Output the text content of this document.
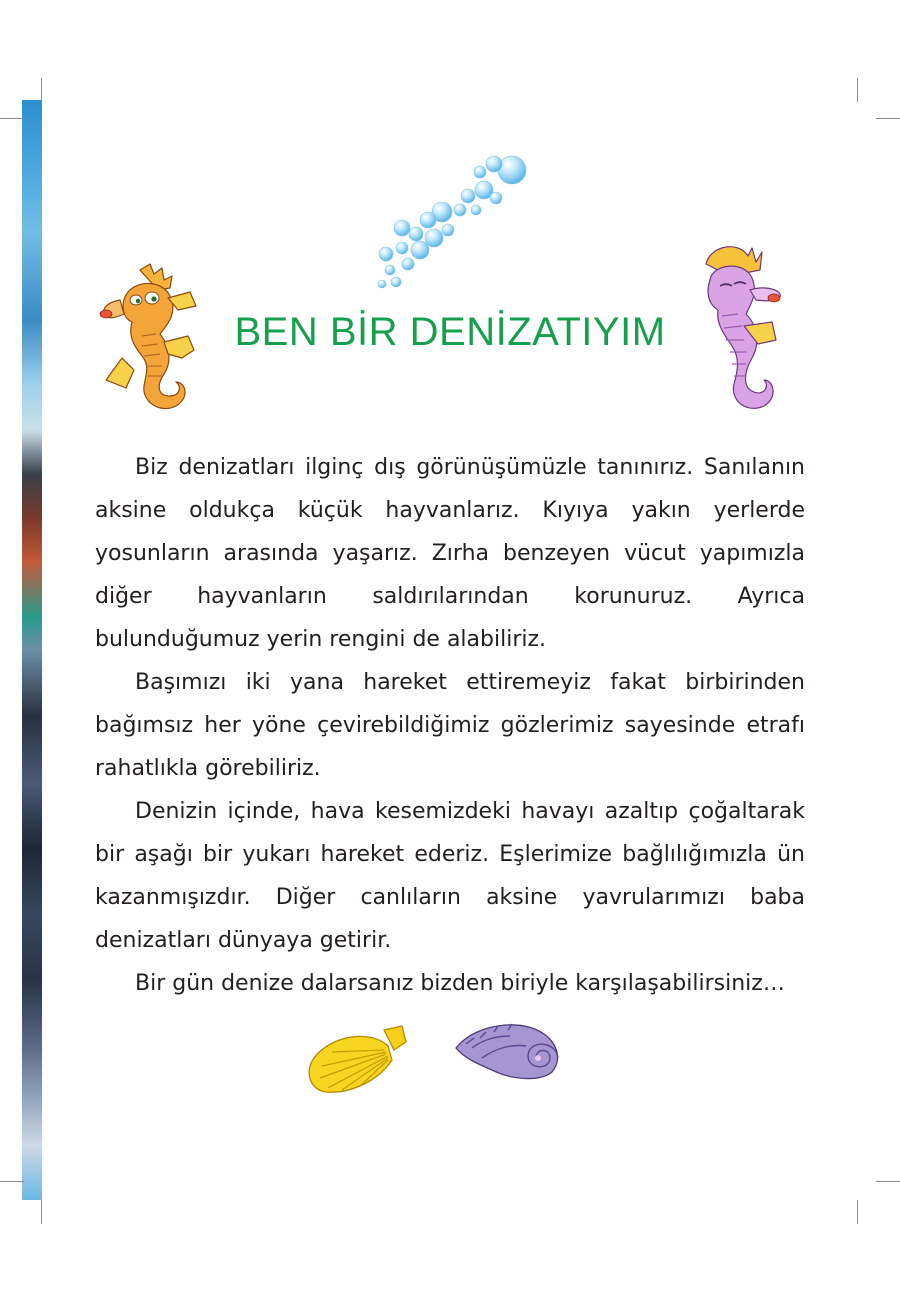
BEN BİR DENİZATIYIM

Biz denizatları ilginç dış görünüşümüzle tanınırız. Sanılanın aksine oldukça küçük hayvanlarız. Kıyıya yakın yerlerde yosunların arasında yaşarız. Zırha benzeyen vücut yapımızla diğer hayvanların saldırılarından korunuruz. Ayrıca bulunduğumuz yerin rengini de alabiliriz.

Başımızı iki yana hareket ettiremeyiz fakat birbirinden bağımsız her yöne çevirebildiğimiz gözlerimiz sayesinde etrafı rahatlıkla görebiliriz.

Denizin içinde, hava kesemizdeki havayı azaltıp çoğaltarak bir aşağı bir yukarı hareket ederiz. Eşlerimize bağlılığımızla ün kazanmışızdır. Diğer canlıların aksine yavrularımızı baba denizatları dünyaya getirir.

Bir gün denize dalarsanız bizden biriyle karşılaşabilirsiniz…
